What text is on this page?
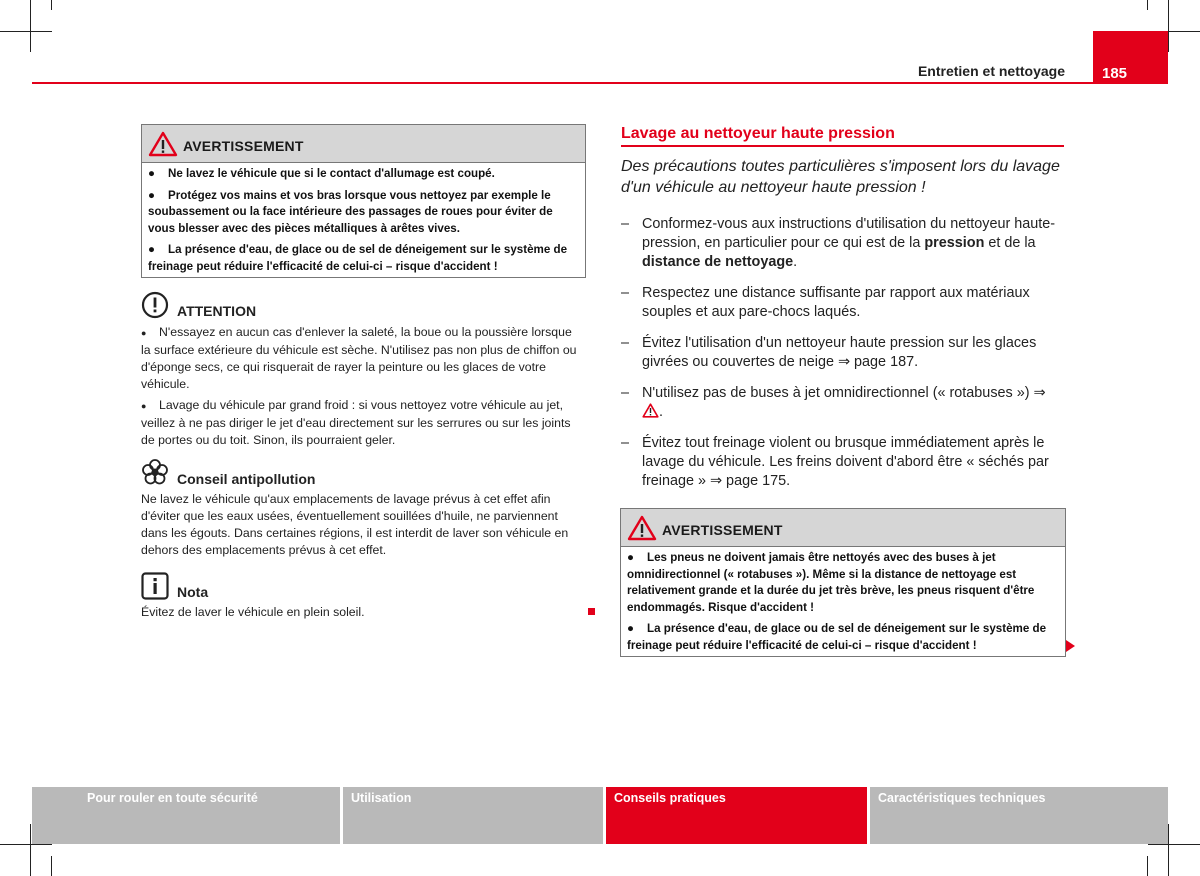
Entretien et nettoyage	185
AVERTISSEMENT

● Ne lavez le véhicule que si le contact d'allumage est coupé.

● Protégez vos mains et vos bras lorsque vous nettoyez par exemple le soubassement ou la face intérieure des passages de roues pour éviter de vous blesser avec des pièces métalliques à arêtes vives.

● La présence d'eau, de glace ou de sel de déneigement sur le système de freinage peut réduire l'efficacité de celui-ci – risque d'accident !

ATTENTION

● N'essayez en aucun cas d'enlever la saleté, la boue ou la poussière lorsque la surface extérieure du véhicule est sèche. N'utilisez pas non plus de chiffon ou d'éponge secs, ce qui risquerait de rayer la peinture ou les glaces de votre véhicule.

● Lavage du véhicule par grand froid : si vous nettoyez votre véhicule au jet, veillez à ne pas diriger le jet d'eau directement sur les serrures ou sur les joints de portes ou du toit. Sinon, ils pourraient geler.

Conseil antipollution
Ne lavez le véhicule qu'aux emplacements de lavage prévus à cet effet afin d'éviter que les eaux usées, éventuellement souillées d'huile, ne parviennent dans les égouts. Dans certaines régions, il est interdit de laver son véhicule en dehors des emplacements prévus à cet effet.
Nota
Évitez de laver le véhicule en plein soleil.
Lavage au nettoyeur haute pression
Des précautions toutes particulières s'imposent lors du lavage d'un véhicule au nettoyeur haute pression !
– Conformez-vous aux instructions d'utilisation du nettoyeur haute-pression, en particulier pour ce qui est de la pression et de la distance de nettoyage.
– Respectez une distance suffisante par rapport aux matériaux souples et aux pare-chocs laqués.
– Évitez l'utilisation d'un nettoyeur haute pression sur les glaces givrées ou couvertes de neige ⇒ page 187.
– N'utilisez pas de buses à jet omnidirectionnel (« rotabuses ») ⇒ .
– Évitez tout freinage violent ou brusque immédiatement après le lavage du véhicule. Les freins doivent d'abord être « séchés par freinage » ⇒ page 175.
AVERTISSEMENT

● Les pneus ne doivent jamais être nettoyés avec des buses à jet omnidirectionnel (« rotabuses »). Même si la distance de nettoyage est relativement grande et la durée du jet très brève, les pneus risquent d'être endommagés. Risque d'accident !

● La présence d'eau, de glace ou de sel de déneigement sur le système de freinage peut réduire l'efficacité de celui-ci – risque d'accident !

Pour rouler en toute sécurité	Utilisation	Conseils pratiques	Caractéristiques techniques
